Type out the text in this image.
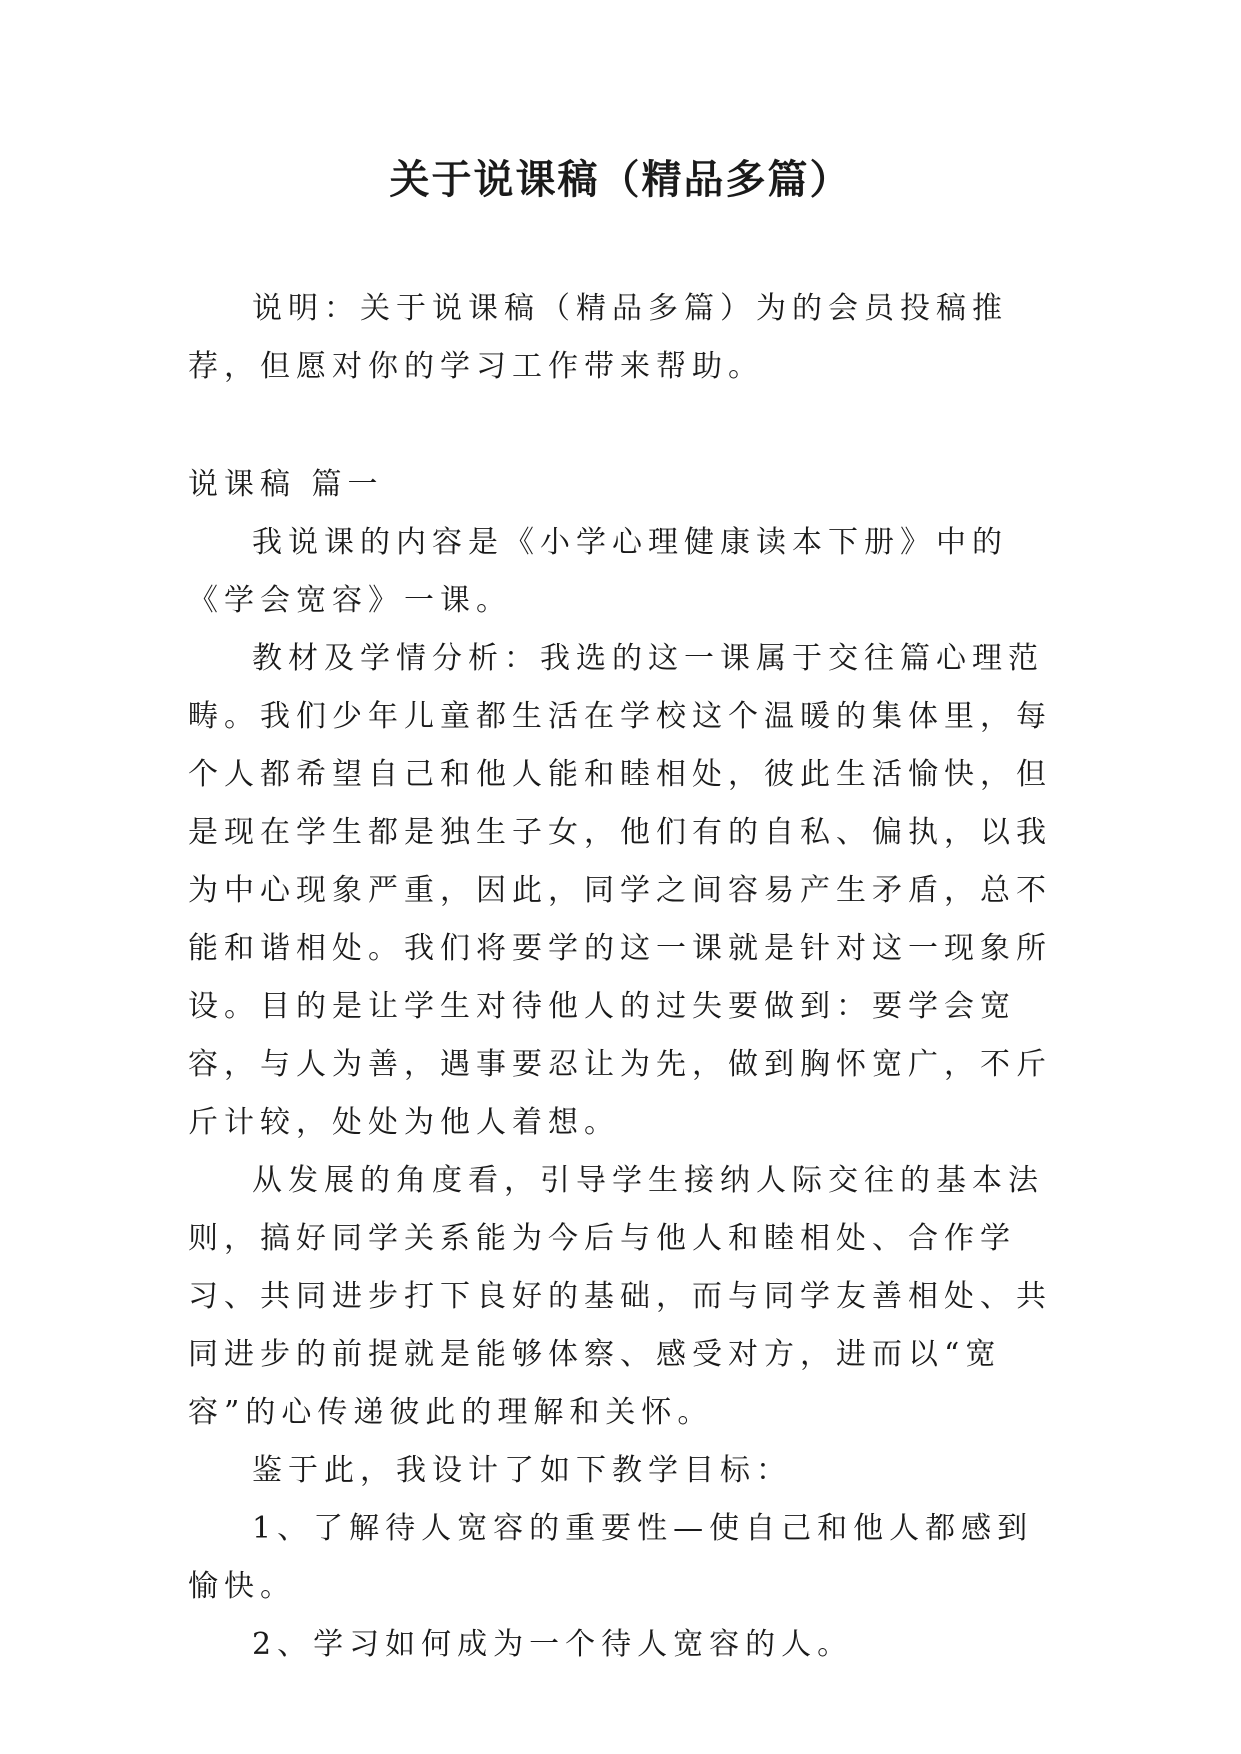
关于说课稿（精品多篇）

说明：关于说课稿（精品多篇）为的会员投稿推荐，但愿对你的学习工作带来帮助。

说课稿 篇一

我说课的内容是《小学心理健康读本下册》中的《学会宽容》一课。

教材及学情分析：我选的这一课属于交往篇心理范畴。我们少年儿童都生活在学校这个温暖的集体里，每个人都希望自己和他人能和睦相处，彼此生活愉快，但是现在学生都是独生子女，他们有的自私、偏执，以我为中心现象严重，因此，同学之间容易产生矛盾，总不能和谐相处。我们将要学的这一课就是针对这一现象所设。目的是让学生对待他人的过失要做到：要学会宽容，与人为善，遇事要忍让为先，做到胸怀宽广，不斤斤计较，处处为他人着想。

从发展的角度看，引导学生接纳人际交往的基本法则，搞好同学关系能为今后与他人和睦相处、合作学习、共同进步打下良好的基础，而与同学友善相处、共同进步的前提就是能够体察、感受对方，进而以“宽容”的心传递彼此的理解和关怀。

鉴于此，我设计了如下教学目标：

1、了解待人宽容的重要性—使自己和他人都感到愉快。

2、学习如何成为一个待人宽容的人。
